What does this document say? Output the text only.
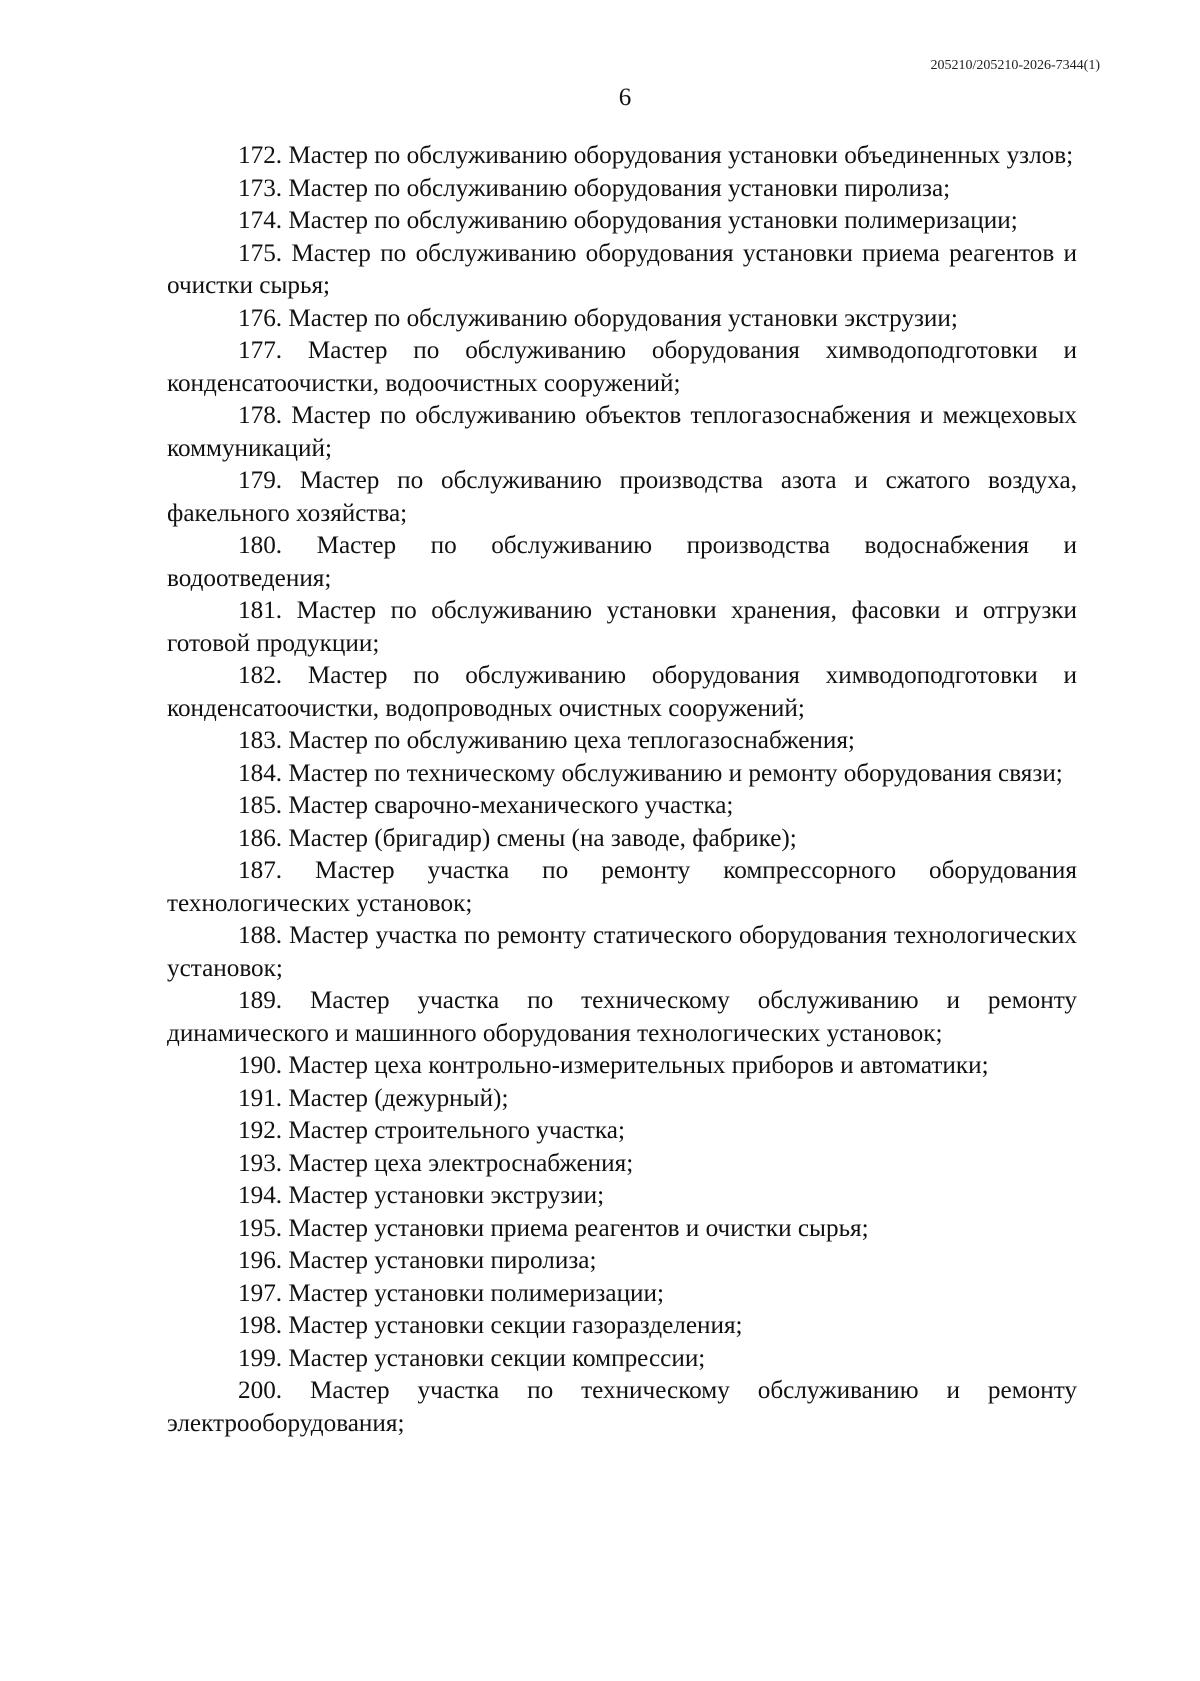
205210/205210-2026-7344(1)
6

172. Мастер по обслуживанию оборудования установки объединенных узлов;

173. Мастер по обслуживанию оборудования установки пиролиза;

174. Мастер по обслуживанию оборудования установки полимеризации;

175. Мастер по обслуживанию оборудования установки приема реагентов и очистки сырья;

176. Мастер по обслуживанию оборудования установки экструзии;

177. Мастер по обслуживанию оборудования химводоподготовки и конденсатоочистки, водоочистных сооружений;

178. Мастер по обслуживанию объектов теплогазоснабжения и межцеховых коммуникаций;

179. Мастер по обслуживанию производства азота и сжатого воздуха, факельного хозяйства;

180. Мастер по обслуживанию производства водоснабжения и водоотведения;

181. Мастер по обслуживанию установки хранения, фасовки и отгрузки готовой продукции;

182. Мастер по обслуживанию оборудования химводоподготовки и конденсатоочистки, водопроводных очистных сооружений;

183. Мастер по обслуживанию цеха теплогазоснабжения;

184. Мастер по техническому обслуживанию и ремонту оборудования связи;

185. Мастер сварочно-механического участка;

186. Мастер (бригадир) смены (на заводе, фабрике);

187. Мастер участка по ремонту компрессорного оборудования технологических установок;

188. Мастер участка по ремонту статического оборудования технологических установок;

189. Мастер участка по техническому обслуживанию и ремонту динамического и машинного оборудования технологических установок;

190. Мастер цеха контрольно-измерительных приборов и автоматики;

191. Мастер (дежурный);

192. Мастер строительного участка;

193. Мастер цеха электроснабжения;

194. Мастер установки экструзии;

195. Мастер установки приема реагентов и очистки сырья;

196. Мастер установки пиролиза;

197. Мастер установки полимеризации;

198. Мастер установки секции газоразделения;

199. Мастер установки секции компрессии;

200. Мастер участка по техническому обслуживанию и ремонту электрооборудования;
